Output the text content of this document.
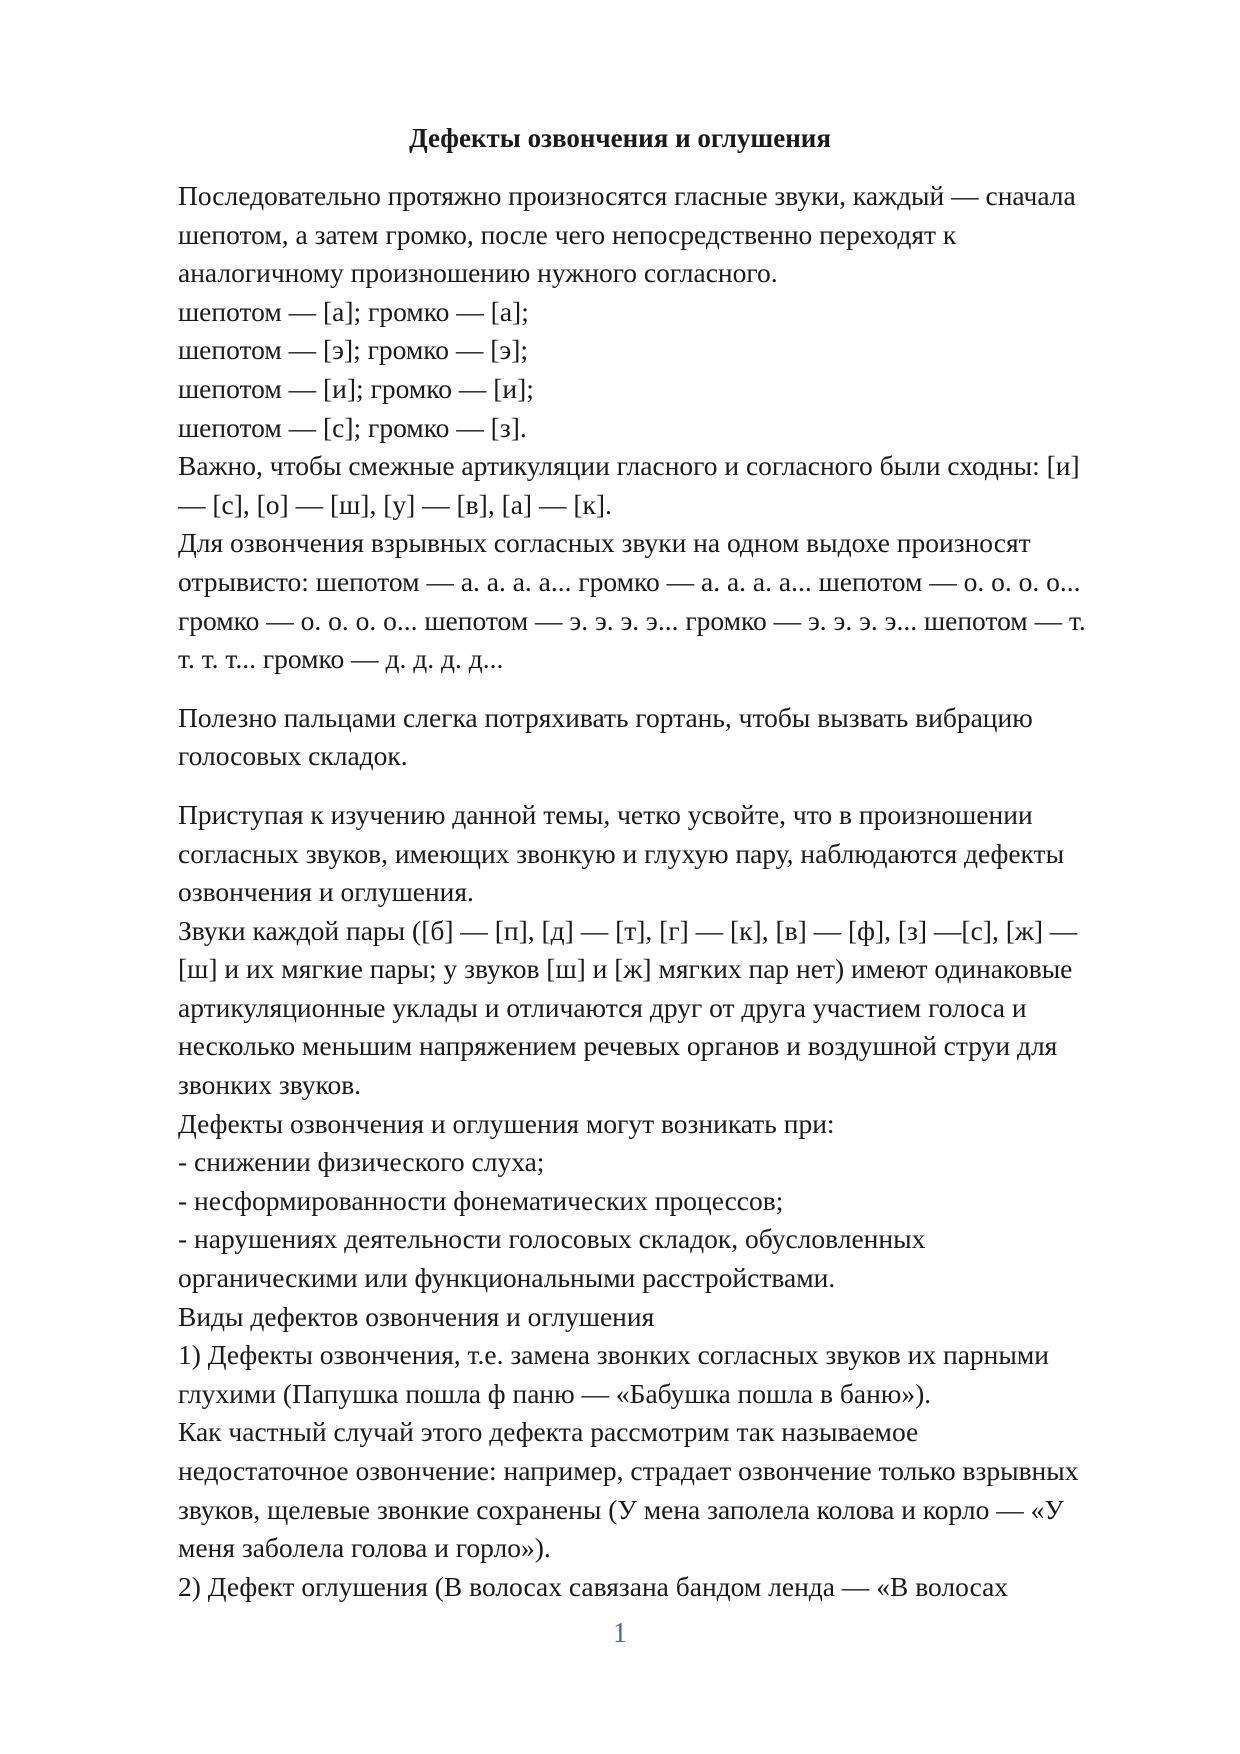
Дефекты озвончения и оглушения
Последовательно протяжно произносятся гласные звуки, каждый — сначала
шепотом, а затем громко, после чего непосредственно переходят к
аналогичному произношению нужного согласного.
шепотом — [а]; громко — [а];
шепотом — [э]; громко — [э];
шепотом — [и]; громко — [и];
шепотом — [с]; громко — [з].
Важно, чтобы смежные артикуляции гласного и согласного были сходны: [и]
— [с], [о] — [ш], [у] — [в], [а] — [к].
Для озвончения взрывных согласных звуки на одном выдохе произносят
отрывисто: шепотом — а. а. а. а... громко — а. а. а. а... шепотом — о. о. о. о...
громко — о. о. о. о... шепотом — э. э. э. э... громко — э. э. э. э... шепотом — т.
т. т. т... громко — д. д. д. д...
Полезно пальцами слегка потряхивать гортань, чтобы вызвать вибрацию
голосовых складок.
Приступая к изучению данной темы, четко усвойте, что в произношении
согласных звуков, имеющих звонкую и глухую пару, наблюдаются дефекты
озвончения и оглушения.
Звуки каждой пары ([б] — [п], [д] — [т], [г] — [к], [в] — [ф], [з] —[с], [ж] —
[ш] и их мягкие пары; у звуков [ш] и [ж] мягких пар нет) имеют одинаковые
артикуляционные уклады и отличаются друг от друга участием голоса и
несколько меньшим напряжением речевых органов и воздушной струи для
звонких звуков.
Дефекты озвончения и оглушения могут возникать при:
- снижении физического слуха;
- несформированности фонематических процессов;
- нарушениях деятельности голосовых складок, обусловленных
органическими или функциональными расстройствами.
Виды дефектов озвончения и оглушения
1) Дефекты озвончения, т.е. замена звонких согласных звуков их парными
глухими (Папушка пошла ф паню — «Бабушка пошла в баню»).
Как частный случай этого дефекта рассмотрим так называемое
недостаточное озвончение: например, страдает озвончение только взрывных
звуков, щелевые звонкие сохранены (У мена заполела колова и корло — «У
меня заболела голова и горло»).
2) Дефект оглушения (В волосах савязана бандом ленда — «В волосах
1
